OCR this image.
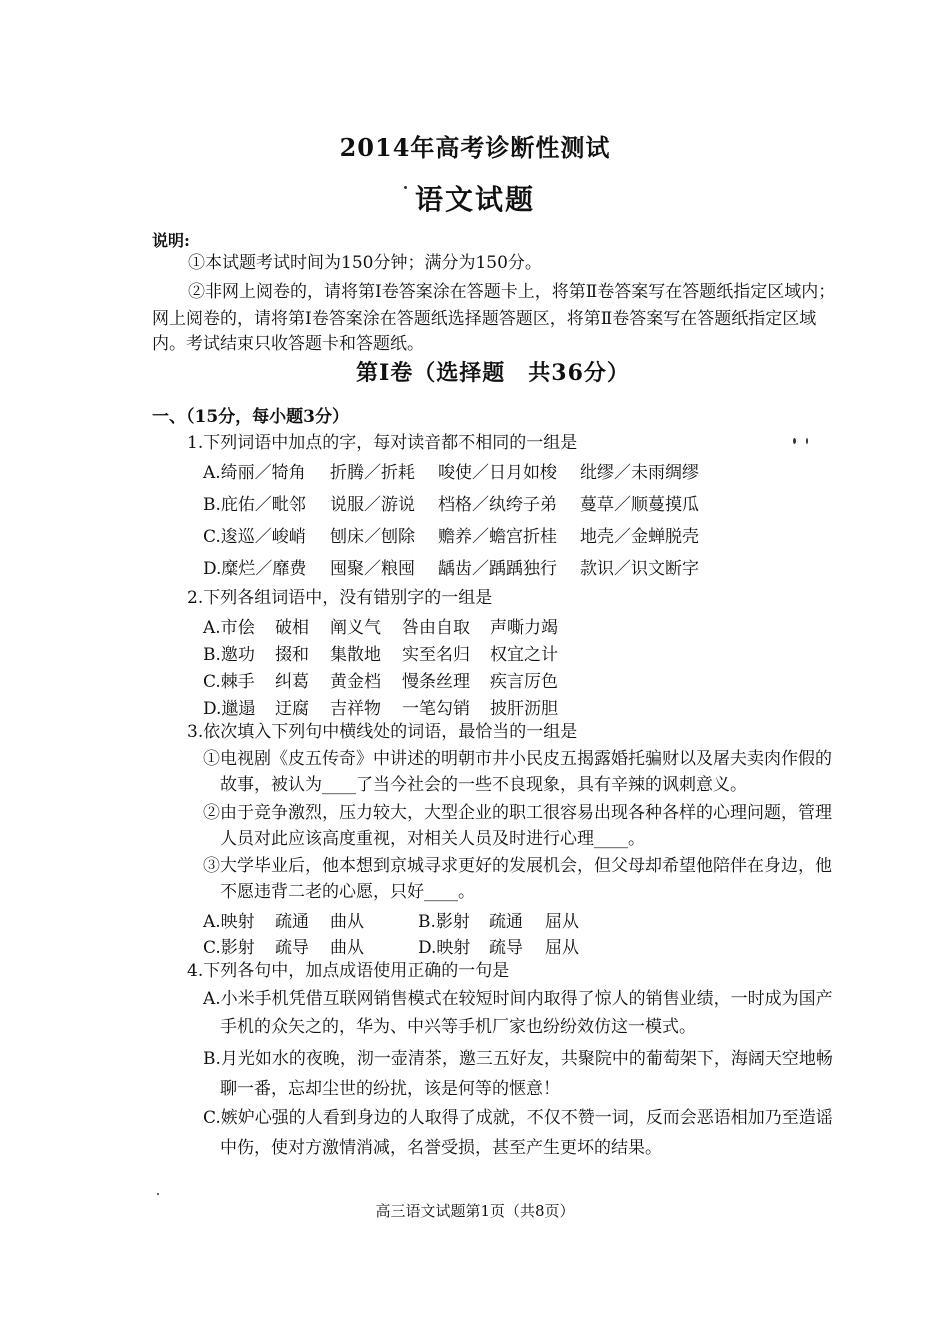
2014年高考诊断性测试
语文试题
说明:
①本试题考试时间为150分钟；满分为150分。
②非网上阅卷的，请将第Ⅰ卷答案涂在答题卡上，将第Ⅱ卷答案写在答题纸指定区域内；
网上阅卷的，请将第Ⅰ卷答案涂在答题纸选择题答题区，将第Ⅱ卷答案写在答题纸指定区域
内。考试结束只收答题卡和答题纸。
第Ⅰ卷（选择题　共36分）
一、（15分，每小题3分）
1.下列词语中加点的字，每对读音都不相同的一组是
A.绮丽／犄角 折腾／折耗 唆使／日月如梭 纰缪／未雨绸缪
B.庇佑／毗邻 说服／游说 档格／纨绔子弟 蔓草／顺蔓摸瓜
C.逡巡／峻峭 刨床／刨除 赡养／蟾宫折桂 地壳／金蝉脱壳
D.糜烂／靡费 囤聚／粮囤 龋齿／踽踽独行 款识／识文断字
2.下列各组词语中，没有错别字的一组是
A.市侩 破相 阐义气 咎由自取 声嘶力竭
B.邀功 掇和 集散地 实至名归 权宜之计
C.棘手 纠葛 黄金档 慢条丝理 疾言厉色
D.邋遢 迂腐 吉祥物 一笔勾销 披肝沥胆
3.依次填入下列句中横线处的词语，最恰当的一组是
①电视剧《皮五传奇》中讲述的明朝市井小民皮五揭露婚托骗财以及屠夫卖肉作假的
故事，被认为____了当今社会的一些不良现象，具有辛辣的讽刺意义。
②由于竞争激烈，压力较大，大型企业的职工很容易出现各种各样的心理问题，管理
人员对此应该高度重视，对相关人员及时进行心理____。
③大学毕业后，他本想到京城寻求更好的发展机会，但父母却希望他陪伴在身边，他
不愿违背二老的心愿，只好____。
A.映射 疏通 曲从	B.影射 疏通 屈从
C.影射 疏导 曲从	D.映射 疏导 屈从
4.下列各句中，加点成语使用正确的一句是
A.小米手机凭借互联网销售模式在较短时间内取得了惊人的销售业绩，一时成为国产
手机的众矢之的，华为、中兴等手机厂家也纷纷效仿这一模式。
B.月光如水的夜晚，沏一壶清茶，邀三五好友，共聚院中的葡萄架下，海阔天空地畅
聊一番，忘却尘世的纷扰，该是何等的惬意！
C.嫉妒心强的人看到身边的人取得了成就，不仅不赞一词，反而会恶语相加乃至造谣
中伤，使对方激情消减，名誉受损，甚至产生更坏的结果。
高三语文试题第1页（共8页）
